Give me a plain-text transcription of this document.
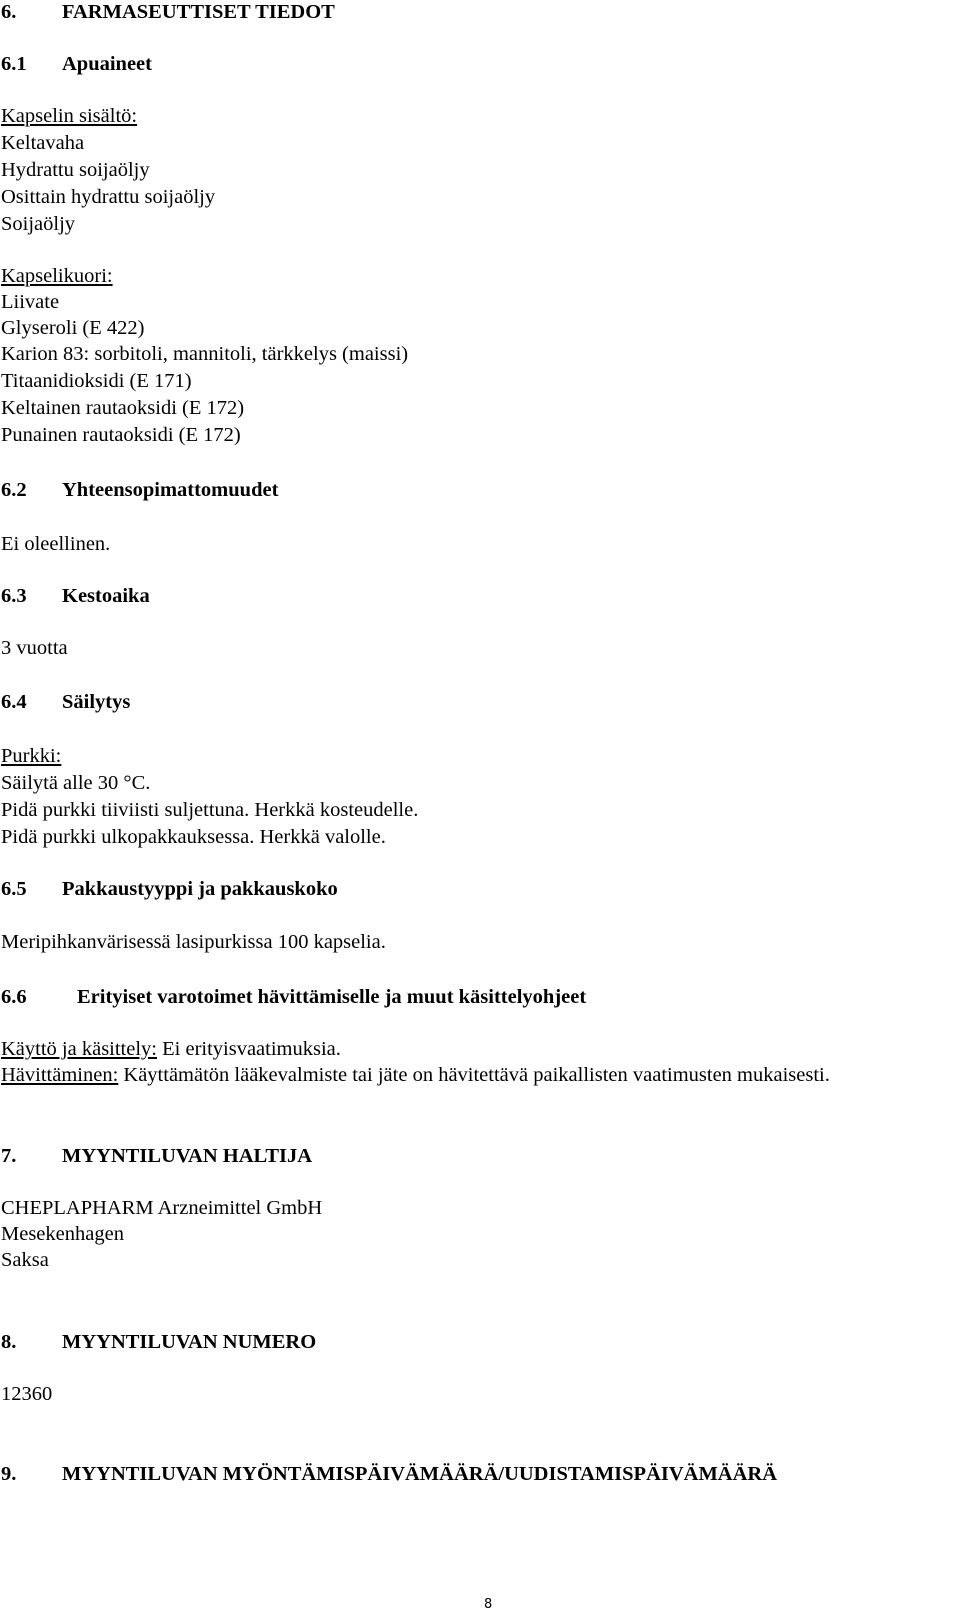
6. FARMASEUTTISET TIEDOT
6.1 Apuaineet
Kapselin sisältö:
Keltavaha
Hydrattu soijaöljy
Osittain hydrattu soijaöljy
Soijaöljy
Kapselikuori:
Liivate
Glyseroli (E 422)
Karion 83: sorbitoli, mannitoli, tärkkelys (maissi)
Titaanidioksidi (E 171)
Keltainen rautaoksidi (E 172)
Punainen rautaoksidi (E 172)
6.2 Yhteensopimattomuudet
Ei oleellinen.
6.3 Kestoaika
3 vuotta
6.4 Säilytys
Purkki:
Säilytä alle 30 °C.
Pidä purkki tiiviisti suljettuna. Herkkä kosteudelle.
Pidä purkki ulkopakkauksessa. Herkkä valolle.
6.5 Pakkaustyyppi ja pakkauskoko
Meripihkanvärisessä lasipurkissa 100 kapselia.
6.6 Erityiset varotoimet hävittämiselle ja muut käsittelyohjeet
Käyttö ja käsittely: Ei erityisvaatimuksia.
Hävittäminen: Käyttämätön lääkevalmiste tai jäte on hävitettävä paikallisten vaatimusten mukaisesti.
7. MYYNTILUVAN HALTIJA
CHEPLAPHARM Arzneimittel GmbH
Mesekenhagen
Saksa
8. MYYNTILUVAN NUMERO
12360
9. MYYNTILUVAN MYÖNTÄMISPÄIVÄMÄÄRÄ/UUDISTAMISPÄIVÄMÄÄRÄ
8
